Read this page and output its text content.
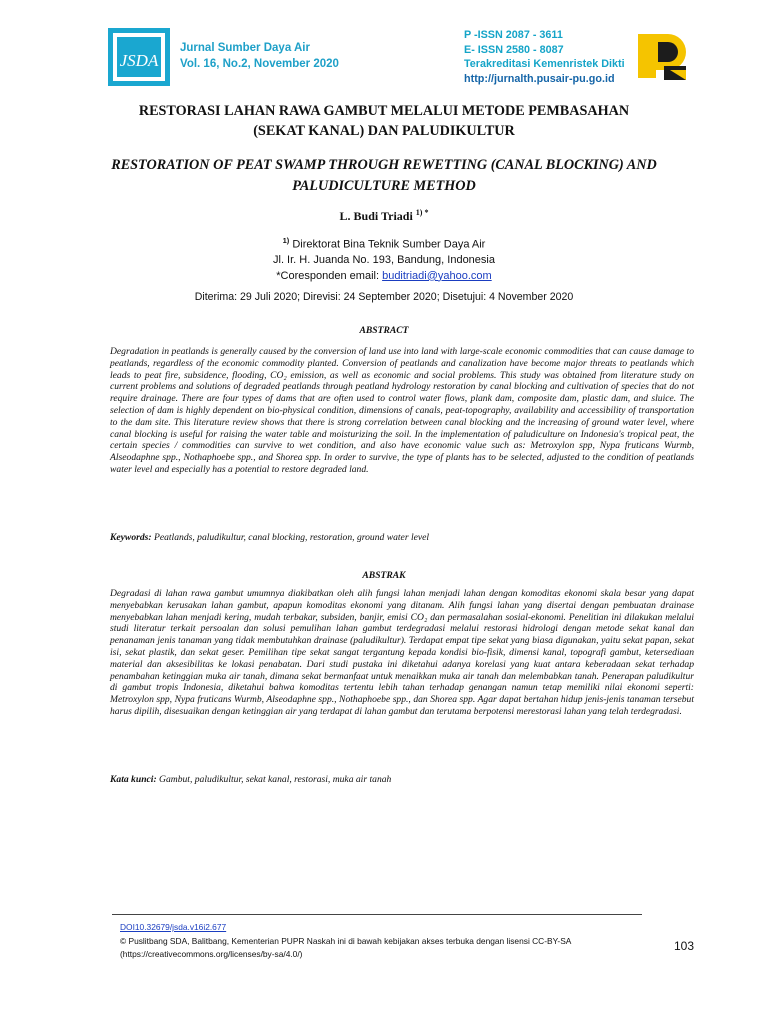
JSDA
Jurnal Sumber Daya Air
Vol. 16, No.2, November 2020
P -ISSN 2087 - 3611
E- ISSN 2580 - 8087
Terakreditasi Kemenristek Dikti
http://jurnalth.pusair-pu.go.id
RESTORASI LAHAN RAWA GAMBUT MELALUI METODE PEMBASAHAN
(SEKAT KANAL) DAN PALUDIKULTUR
RESTORATION OF PEAT SWAMP THROUGH REWETTING (CANAL BLOCKING) AND
PALUDICULTURE METHOD
L. Budi Triadi $^{1) *}$
$^{1)}$ Direktorat Bina Teknik Sumber Daya Air
Jl. Ir. H. Juanda No. 193, Bandung, Indonesia
*Coresponden email: buditriadi@yahoo.com
Diterima: 29 Juli 2020; Direvisi: 24 September 2020; Disetujui: 4 November 2020
ABSTRACT
Degradation in peatlands is generally caused by the conversion of land use into land with large-scale economic commodities that can cause damage to peatlands, regardless of the economic commodity planted. Conversion of peatlands and canalization have become major threats to peatlands which leads to peat fire, subsidence, flooding, CO₂ emission, as well as economic and social problems. This study was obtained from literature study on current problems and solutions of degraded peatlands through peatland hydrology restoration by canal blocking and cultivation of species that do not require drainage. There are four types of dams that are often used to control water flows, plank dam, composite dam, plastic dam, and sluice. The selection of dam is highly dependent on bio-physical condition, dimensions of canals, peat-topography, availability and accessibility of transportation to the dam site. This literature review shows that there is strong correlation between canal blocking and the increasing of ground water level, where canal blocking is useful for raising the water table and moisturizing the soil. In the implementation of paludiculture on Indonesia's tropical peat, the certain species / commodities can survive to wet condition, and also have economic value such as: Metroxylon spp, Nypa fruticans Wurmb, Alseodaphne spp., Nothaphoebe spp., and Shorea spp. In order to survive, the type of plants has to be selected, adjusted to the condition of peatlands water level and especially has a potential to restore degraded land.
Keywords: Peatlands, paludikultur, canal blocking, restoration, ground water level
ABSTRAK
Degradasi di lahan rawa gambut umumnya diakibatkan oleh alih fungsi lahan menjadi lahan dengan komoditas ekonomi skala besar yang dapat menyebabkan kerusakan lahan gambut, apapun komoditas ekonomi yang ditanam. Alih fungsi lahan yang disertai dengan pembuatan drainase menyebabkan lahan menjadi kering, mudah terbakar, subsiden, banjir, emisi CO₂ dan permasalahan sosial-ekonomi. Penelitian ini dilakukan melalui studi literatur terkait persoalan dan solusi pemulihan lahan gambut terdegradasi melalui restorasi hidrologi dengan metode sekat kanal dan penanaman jenis tanaman yang tidak membutuhkan drainase (paludikultur). Terdapat empat tipe sekat yang biasa digunakan, yaitu sekat papan, sekat isi, sekat plastik, dan sekat geser. Pemilihan tipe sekat sangat tergantung kepada kondisi bio-fisik, dimensi kanal, topografi gambut, ketersediaan material dan aksesibilitas ke lokasi penabatan. Dari studi pustaka ini diketahui adanya korelasi yang kuat antara keberadaan sekat terhadap penambahan ketinggian muka air tanah, dimana sekat bermanfaat untuk menaikkan muka air tanah dan melembabkan tanah. Penerapan paludikultur di gambut tropis Indonesia, diketahui bahwa komoditas tertentu lebih tahan terhadap genangan namun tetap memiliki nilai ekonomi seperti: Metroxylon spp, Nypa fruticans Wurmb, Alseodaphne spp., Nothaphoebe spp., dan Shorea spp. Agar dapat bertahan hidup jenis-jenis tanaman tersebut harus dipilih, disesuaikan dengan ketinggian air yang terdapat di lahan gambut dan terutama berpotensi merestorasi lahan yang telah terdegradasi.
Kata kunci: Gambut, paludikultur, sekat kanal, restorasi, muka air tanah
DOI10.32679/jsda.v16i2.677
© Puslitbang SDA, Balitbang, Kementerian PUPR Naskah ini di bawah kebijakan akses terbuka dengan lisensi CC-BY-SA
(https://creativecommons.org/licenses/by-sa/4.0/)
103
